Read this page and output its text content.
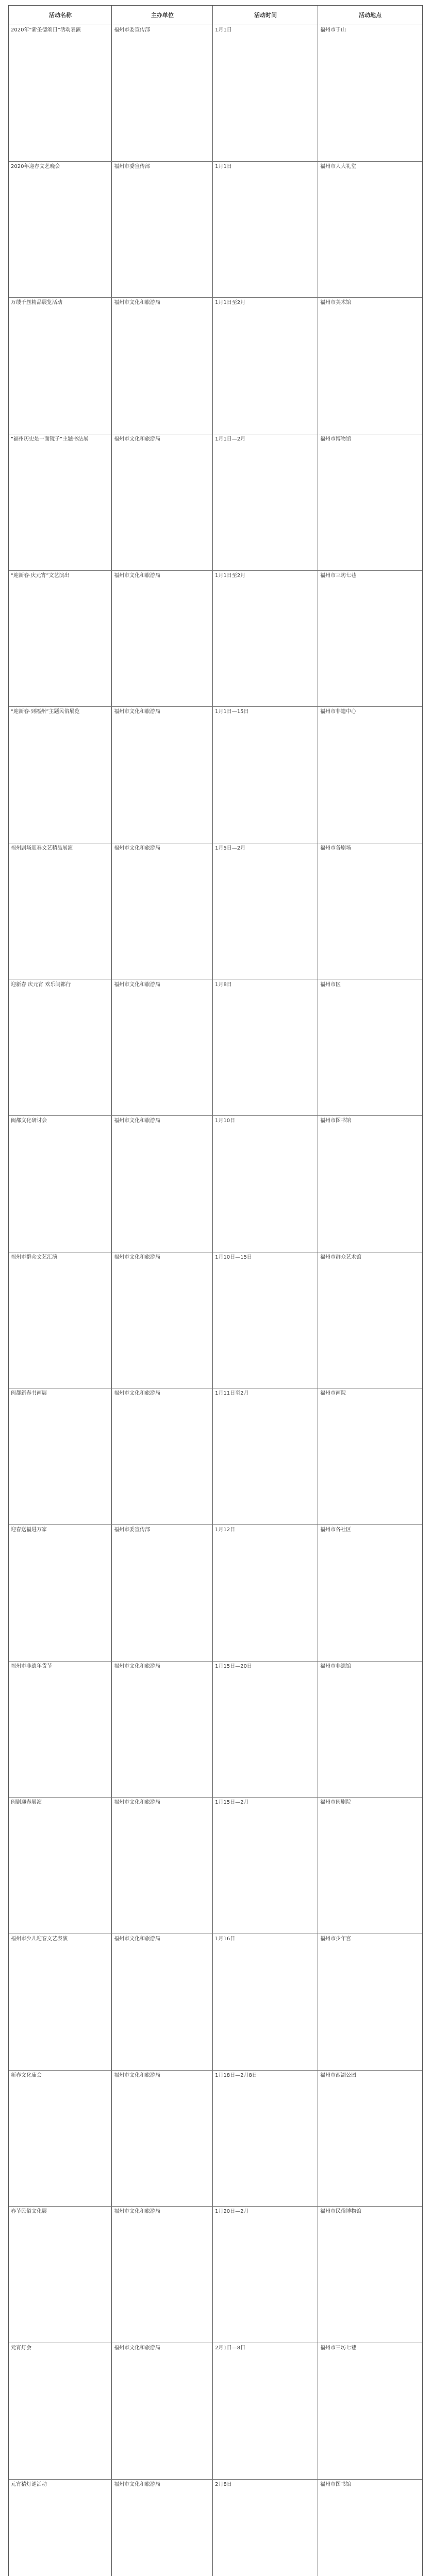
活动名称	主办单位	活动时间	活动地点
2020年“新圣德颂日”活动表演	福州市委宣传部	1月1日	福州市于山
2020年迎春文艺晚会	福州市委宣传部	1月1日	福州市人大礼堂
万缕千丝精品展览活动	福州市文化和旅游局	1月1日至2月	福州市美术馆
“福州历史是一面镜子”主题书法展	福州市文化和旅游局	1月1日—2月	福州市博物馆
“迎新春·庆元宵”文艺演出	福州市文化和旅游局	1月1日至2月	福州市三坊七巷
“迎新春·到福州”主题民俗展览	福州市文化和旅游局	1月1日—15日	福州市非遗中心
福州剧场迎春文艺精品展演	福州市文化和旅游局	1月5日—2月	福州市各剧场
迎新春 庆元宵 欢乐闽都行	福州市文化和旅游局	1月8日	福州市区
闽都文化研讨会	福州市文化和旅游局	1月10日	福州市图书馆
福州市群众文艺汇演	福州市文化和旅游局	1月10日—15日	福州市群众艺术馆
闽都新春书画展	福州市文化和旅游局	1月11日至2月	福州市画院
迎春送福进万家	福州市委宣传部	1月12日	福州市各社区
福州市非遗年货节	福州市文化和旅游局	1月15日—20日	福州市非遗馆
闽剧迎春展演	福州市文化和旅游局	1月15日—2月	福州市闽剧院
福州市少儿迎春文艺表演	福州市文化和旅游局	1月16日	福州市少年宫
新春文化庙会	福州市文化和旅游局	1月18日—2月8日	福州市西湖公园
春节民俗文化展	福州市文化和旅游局	1月20日—2月	福州市民俗博物馆
元宵灯会	福州市文化和旅游局	2月1日—8日	福州市三坊七巷
元宵猜灯谜活动	福州市文化和旅游局	2月8日	福州市图书馆
